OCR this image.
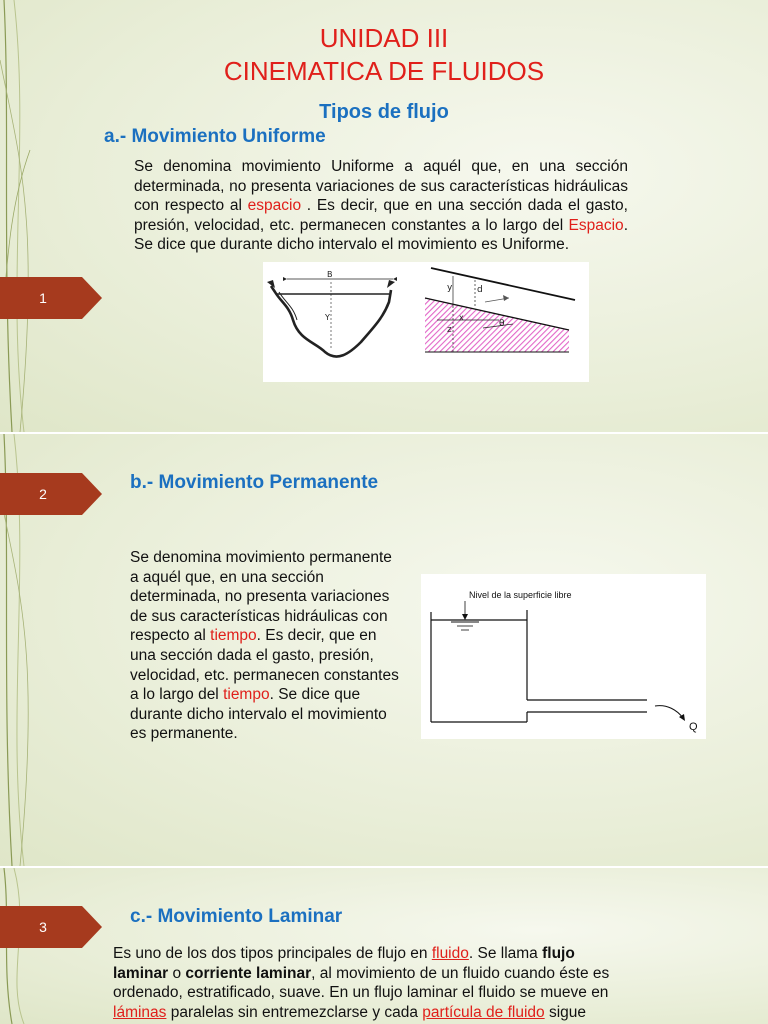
1
UNIDAD III
CINEMATICA DE FLUIDOS
Tipos de flujo
a.- Movimiento Uniforme
Se denomina movimiento Uniforme a aquél que, en una sección determinada, no presenta variaciones de sus características hidráulicas con respecto al espacio . Es decir, que en una sección dada el gasto, presión, velocidad, etc. permanecen constantes a lo largo del Espacio. Se dice que durante dicho intervalo el movimiento es Uniforme.
B
Y
y	d
x
z
θ
2
b.- Movimiento Permanente
Se denomina movimiento permanente a aquél que, en una sección determinada, no presenta variaciones de sus características hidráulicas con respecto al tiempo. Es decir, que en una sección dada el gasto, presión, velocidad, etc. permanecen constantes a lo largo del tiempo. Se dice que durante dicho intervalo el movimiento es permanente.
Nivel de la superficie libre
Q
3	c.- Movimiento Laminar
Es uno de los dos tipos principales de flujo en fluido. Se llama flujo laminar o corriente laminar, al movimiento de un fluido cuando éste es ordenado, estratificado, suave. En un flujo laminar el fluido se mueve en láminas paralelas sin entremezclarse y cada partícula de fluido sigue
